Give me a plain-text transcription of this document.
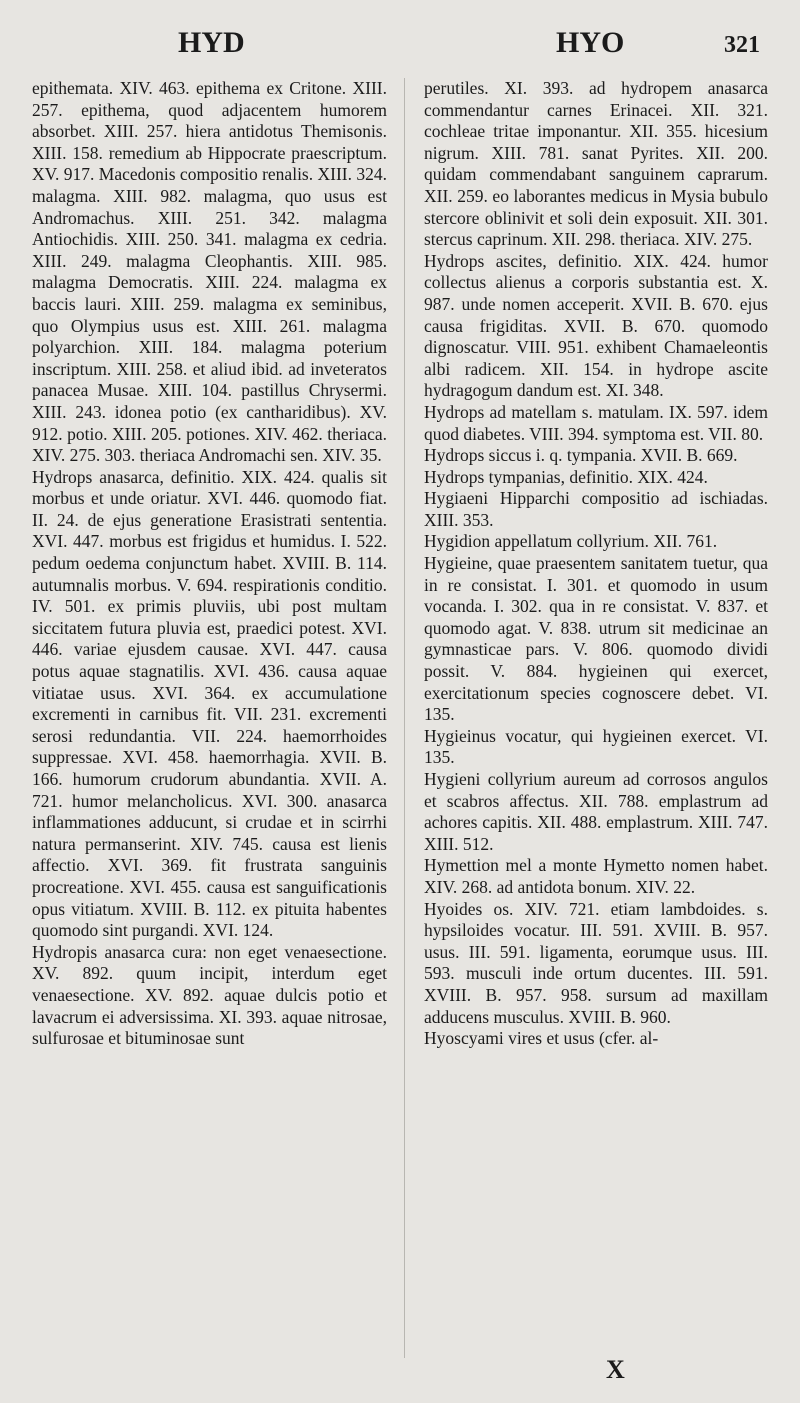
HYD	HYO	321

epithemata. XIV. 463. epithema ex Critone. XIII. 257. epithema, quod adjacentem humorem absorbet. XIII. 257. hiera antidotus Themisonis. XIII. 158. remedium ab Hippocrate praescriptum. XV. 917. Macedonis compositio renalis. XIII. 324. malagma. XIII. 982. malagma, quo usus est Andromachus. XIII. 251. 342. malagma Antiochidis. XIII. 250. 341. malagma ex cedria. XIII. 249. malagma Cleophantis. XIII. 985. malagma Democratis. XIII. 224. malagma ex baccis lauri. XIII. 259. malagma ex seminibus, quo Olympius usus est. XIII. 261. malagma polyarchion. XIII. 184. malagma poterium inscriptum. XIII. 258. et aliud ibid. ad inveteratos panacea Musae. XIII. 104. pastillus Chrysermi. XIII. 243. idonea potio (ex cantharidibus). XV. 912. potio. XIII. 205. potiones. XIV. 462. theriaca. XIV. 275. 303. theriaca Andromachi sen. XIV. 35.

Hydrops anasarca, definitio. XIX. 424. qualis sit morbus et unde oriatur. XVI. 446. quomodo fiat. II. 24. de ejus generatione Erasistrati sententia. XVI. 447. morbus est frigidus et humidus. I. 522. pedum oedema conjunctum habet. XVIII. B. 114. autumnalis morbus. V. 694. respirationis conditio. IV. 501. ex primis pluviis, ubi post multam siccitatem futura pluvia est, praedici potest. XVI. 446. variae ejusdem causae. XVI. 447. causa potus aquae stagnatilis. XVI. 436. causa aquae vitiatae usus. XVI. 364. ex accumulatione excrementi in carnibus fit. VII. 231. excrementi serosi redundantia. VII. 224. haemorrhoides suppressae. XVI. 458. haemorrhagia. XVII. B. 166. humorum crudorum abundantia. XVII. A. 721. humor melancholicus. XVI. 300. anasarca inflammationes adducunt, si crudae et in scirrhi natura permanserint. XIV. 745. causa est lienis affectio. XVI. 369. fit frustrata sanguinis procreatione. XVI. 455. causa est sanguificationis opus vitiatum. XVIII. B. 112. ex pituita habentes quomodo sint purgandi. XVI. 124.

Hydropis anasarca cura: non eget venaesectione. XV. 892. quum incipit, interdum eget venaesectione. XV. 892. aquae dulcis potio et lavacrum ei adversissima. XI. 393. aquae nitrosae, sulfurosae et bituminosae sunt

perutiles. XI. 393. ad hydropem anasarca commendantur carnes Erinacei. XII. 321. cochleae tritae imponantur. XII. 355. hicesium nigrum. XIII. 781. sanat Pyrites. XII. 200. quidam commendabant sanguinem caprarum. XII. 259. eo laborantes medicus in Mysia bubulo stercore oblinivit et soli dein exposuit. XII. 301. stercus caprinum. XII. 298. theriaca. XIV. 275.

Hydrops ascites, definitio. XIX. 424. humor collectus alienus a corporis substantia est. X. 987. unde nomen acceperit. XVII. B. 670. ejus causa frigiditas. XVII. B. 670. quomodo dignoscatur. VIII. 951. exhibent Chamaeleontis albi radicem. XII. 154. in hydrope ascite hydragogum dandum est. XI. 348.

Hydrops ad matellam s. matulam. IX. 597. idem quod diabetes. VIII. 394. symptoma est. VII. 80.

Hydrops siccus i. q. tympania. XVII. B. 669.

Hydrops tympanias, definitio. XIX. 424.

Hygiaeni Hipparchi compositio ad ischiadas. XIII. 353.

Hygidion appellatum collyrium. XII. 761.

Hygieine, quae praesentem sanitatem tuetur, qua in re consistat. I. 301. et quomodo in usum vocanda. I. 302. qua in re consistat. V. 837. et quomodo agat. V. 838. utrum sit medicinae an gymnasticae pars. V. 806. quomodo dividi possit. V. 884. hygieinen qui exercet, exercitationum species cognoscere debet. VI. 135.

Hygieinus vocatur, qui hygieinen exercet. VI. 135.

Hygieni collyrium aureum ad corrosos angulos et scabros affectus. XII. 788. emplastrum ad achores capitis. XII. 488. emplastrum. XIII. 747. XIII. 512.

Hymettion mel a monte Hymetto nomen habet. XIV. 268. ad antidota bonum. XIV. 22.

Hyoides os. XIV. 721. etiam lambdoides. s. hypsiloides vocatur. III. 591. XVIII. B. 957. usus. III. 591. ligamenta, eorumque usus. III. 593. musculi inde ortum ducentes. III. 591. XVIII. B. 957. 958. sursum ad maxillam adducens musculus. XVIII. B. 960.

Hyoscyami vires et usus (cfer. al-

X
